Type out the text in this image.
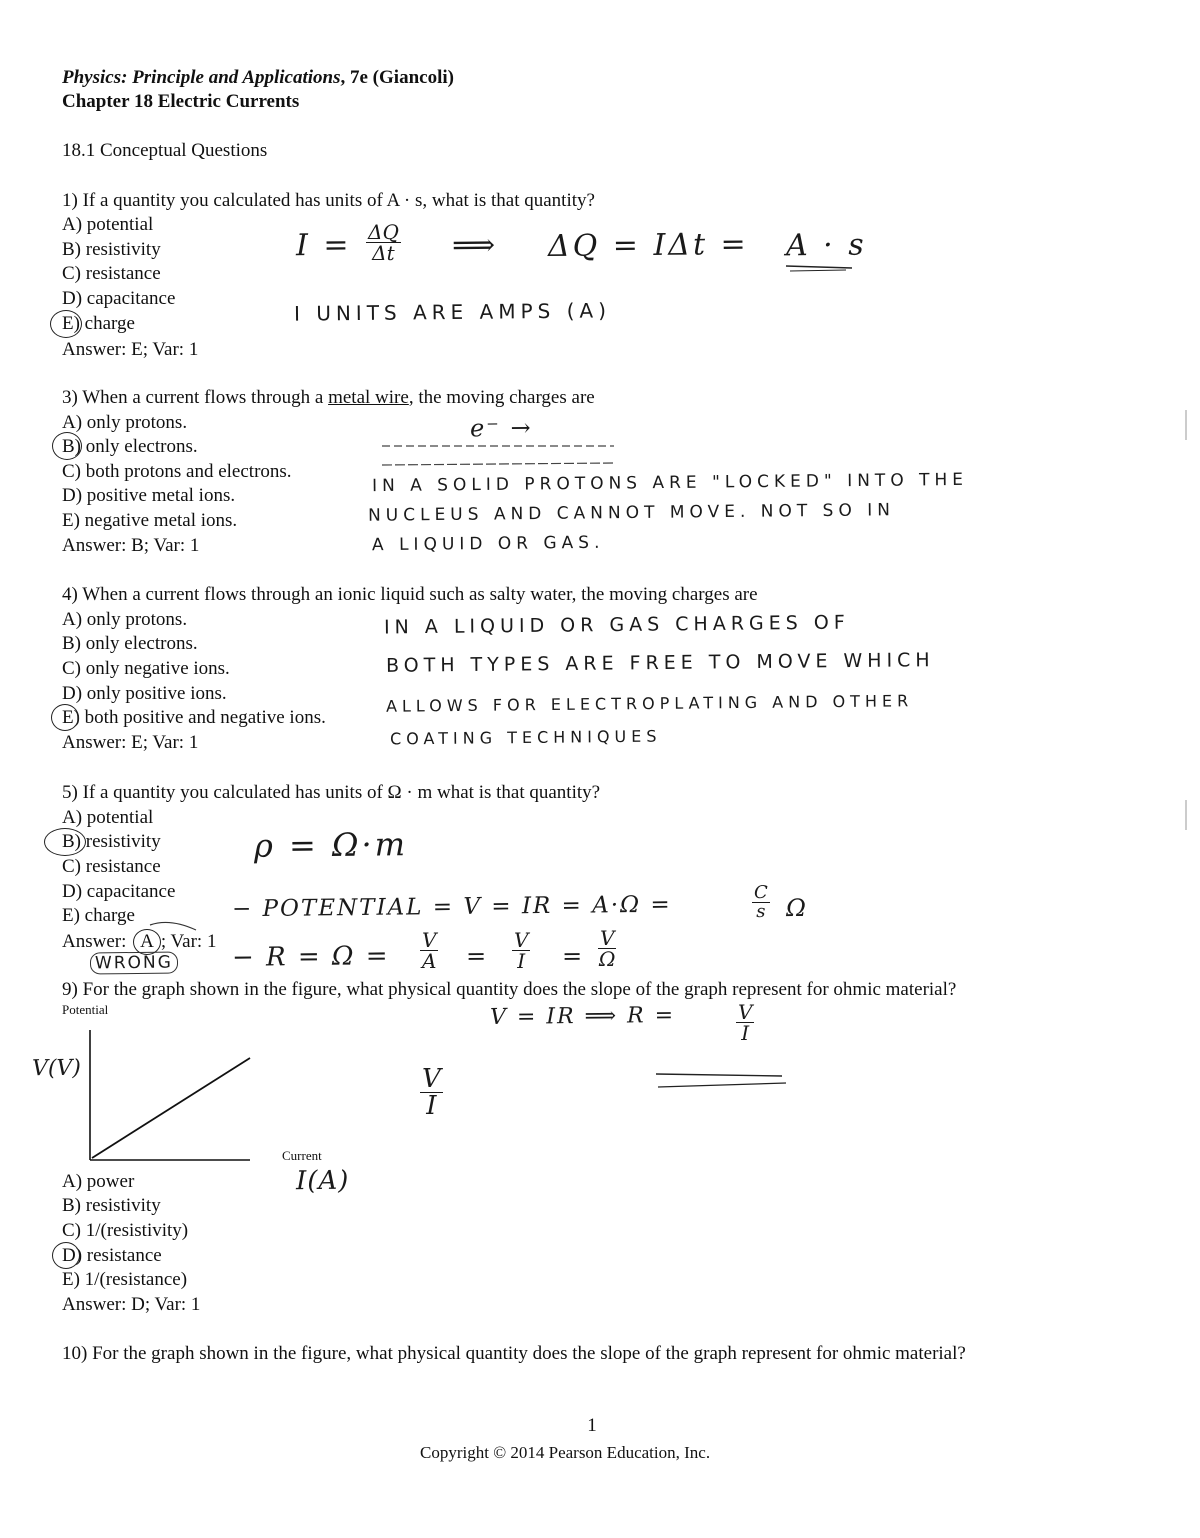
Physics: Principle and Applications, 7e (Giancoli)
Chapter 18 Electric Currents
18.1 Conceptual Questions
1) If a quantity you calculated has units of A · s, what is that quantity?
A) potential
B) resistivity
C) resistance
D) capacitance
E) charge
Answer: E; Var: 1
$I = \frac{\Delta Q}{\Delta t}$ ⟹ ΔQ = IΔt = A · s
I UNITS ARE AMPS (A)
3) When a current flows through a metal wire, the moving charges are
A) only protons.
B) only electrons.
C) both protons and electrons.
D) positive metal ions.
E) negative metal ions.
Answer: B; Var: 1
e⁻ →
IN A SOLID PROTONS ARE "LOCKED" INTO THE
NUCLEUS AND CANNOT MOVE. NOT SO IN
A LIQUID OR GAS.
4) When a current flows through an ionic liquid such as salty water, the moving charges are
A) only protons.
B) only electrons.
C) only negative ions.
D) only positive ions.
E) both positive and negative ions.
Answer: E; Var: 1
IN A LIQUID OR GAS CHARGES OF
BOTH TYPES ARE FREE TO MOVE WHICH
ALLOWS FOR ELECTROPLATING AND OTHER
COATING TECHNIQUES
5) If a quantity you calculated has units of Ω · m what is that quantity?
A) potential
B) resistivity
C) resistance
D) capacitance
E) charge
Answer: A ; Var: 1
WRONG
ρ = Ω·m
− POTENTIAL = V = IR = A·Ω =	$\frac{C}{s}$ Ω
− $R = \Omega = \frac{V}{A} = \frac{V}{I} = \frac{V}{\Omega}$
9) For the graph shown in the figure, what physical quantity does the slope of the graph represent for ohmic material?
Potential
V(V)
Current
I(A)
V = IR ⟹ R =	$\frac{V}{I}$
$\frac{V}{I}$
A) power
B) resistivity
C) 1/(resistivity)
D) resistance
E) 1/(resistance)
Answer: D; Var: 1
10) For the graph shown in the figure, what physical quantity does the slope of the graph represent for ohmic material?
1
Copyright © 2014 Pearson Education, Inc.
